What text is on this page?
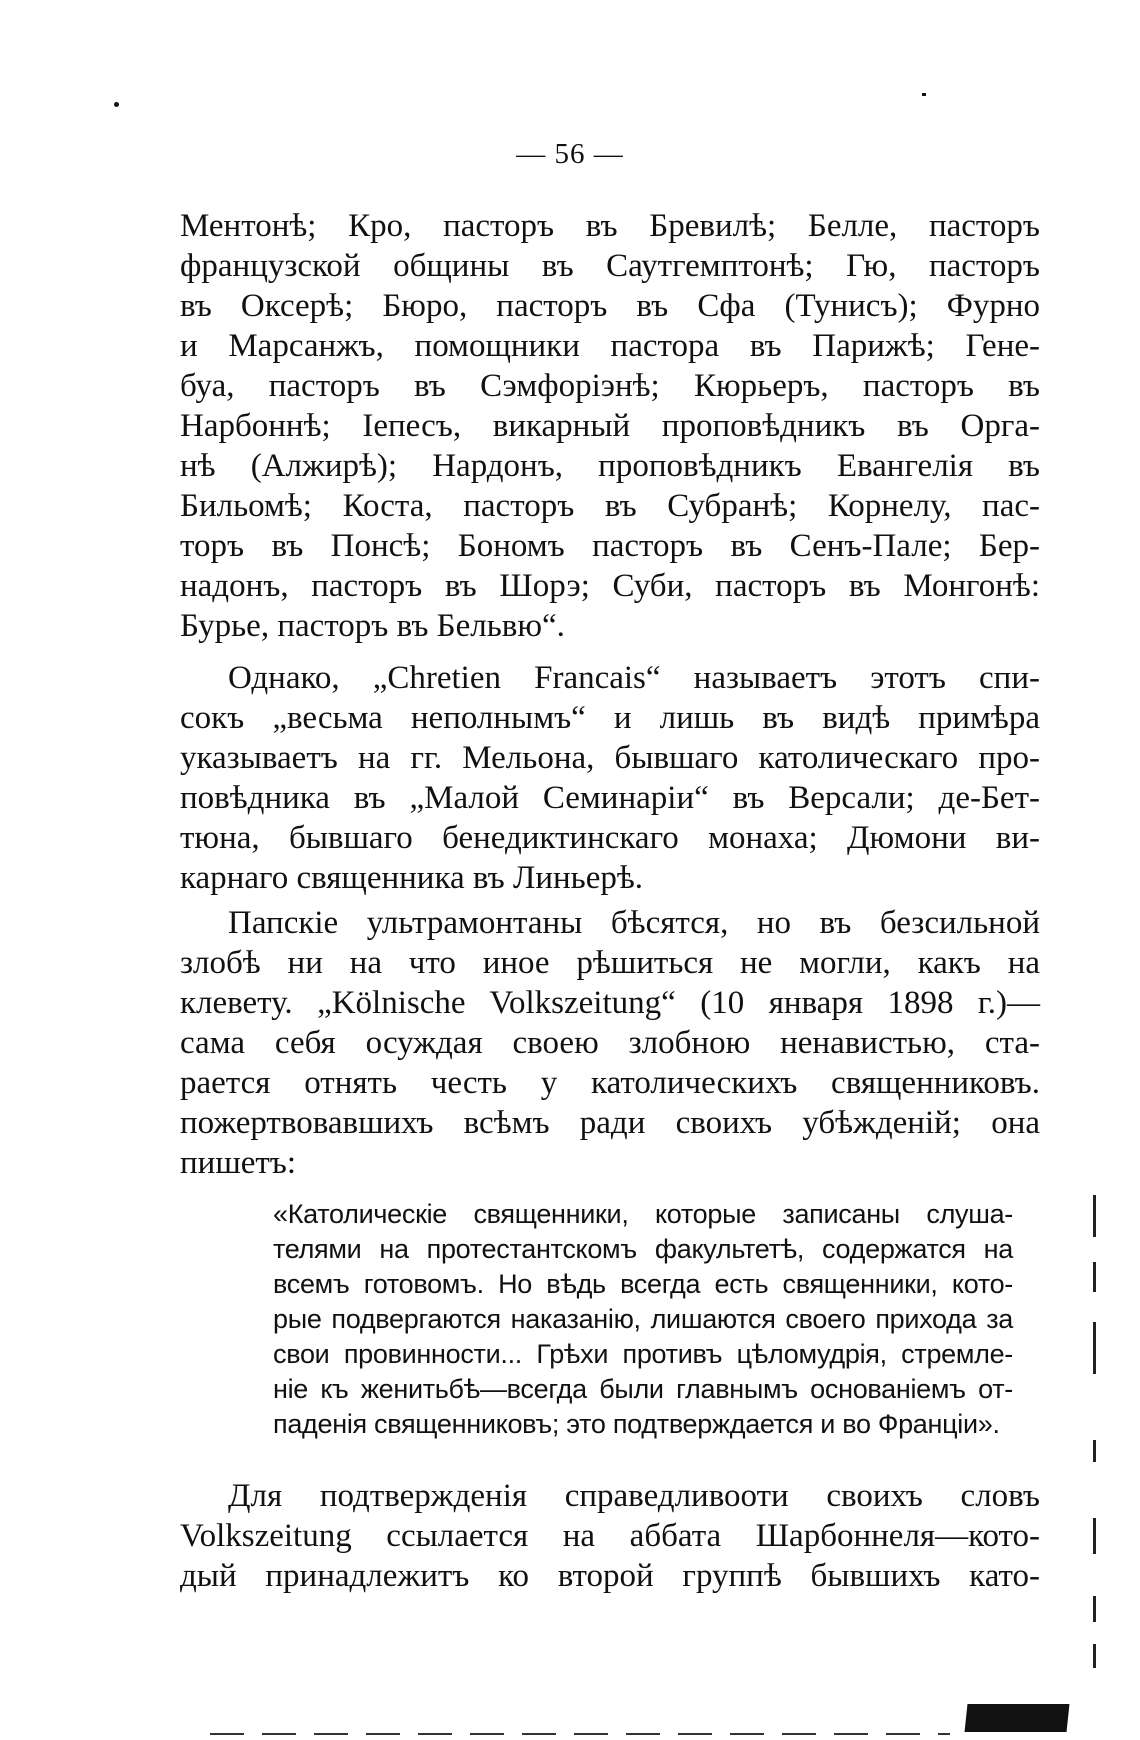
— 56 —
Ментонѣ; Кро, пасторъ въ Бревилѣ; Белле, пасторъ
французской общины въ Саутгемптонѣ; Гю, пасторъ
въ Оксерѣ; Бюро, пасторъ въ Сфа (Тунисъ); Фурно
и Марсанжъ, помощники пастора въ Парижѣ; Гене-
буа, пасторъ въ Сэмфоріэнѣ; Кюрьеръ, пасторъ въ
Нарбоннѣ; Іепесъ, викарный проповѣдникъ въ Орга-
нѣ (Алжирѣ); Нардонъ, проповѣдникъ Евангелія въ
Бильомѣ; Коста, пасторъ въ Субранѣ; Корнелу, пас-
торъ въ Понсѣ; Бономъ пасторъ въ Сенъ-Пале; Бер-
надонъ, пасторъ въ Шорэ; Суби, пасторъ въ Монгонѣ:
Бурье, пасторъ въ Бельвю“.
Однако, „Chretien Francais“ называетъ этотъ спи-
сокъ „весьма неполнымъ“ и лишь въ видѣ примѣра
указываетъ на гг. Мельона, бывшаго католическаго про-
повѣдника въ „Малой Семинаріи“ въ Версали; де-Бет-
тюна, бывшаго бенедиктинскаго монаха; Дюмони ви-
карнаго священника въ Линьерѣ.
Папскіе ультрамонтаны бѣсятся, но въ безсильной
злобѣ ни на что иное рѣшиться не могли, какъ на
клевету. „Kölnische Volkszeitung“ (10 января 1898 г.)—
сама себя осуждая своею злобною ненавистью, ста-
рается отнять честь у католическихъ священниковъ.
пожертвовавшихъ всѣмъ ради своихъ убѣжденій; она
пишетъ:
«Католическіе священники, которые записаны слуша-
телями на протестантскомъ факультетѣ, содержатся на
всемъ готовомъ. Но вѣдь всегда есть священники, кото-
рые подвергаются наказанію, лишаются своего прихода за
свои провинности... Грѣхи противъ цѣломудрія, стремле-
ніе къ женитьбѣ—всегда были главнымъ основаніемъ от-
паденія священниковъ; это подтверждается и во Франціи».
Для подтвержденія справедливооти своихъ словъ
Volkszeitung ссылается на аббата Шарбоннеля—кото-
дый принадлежитъ ко второй группѣ бывшихъ като-
